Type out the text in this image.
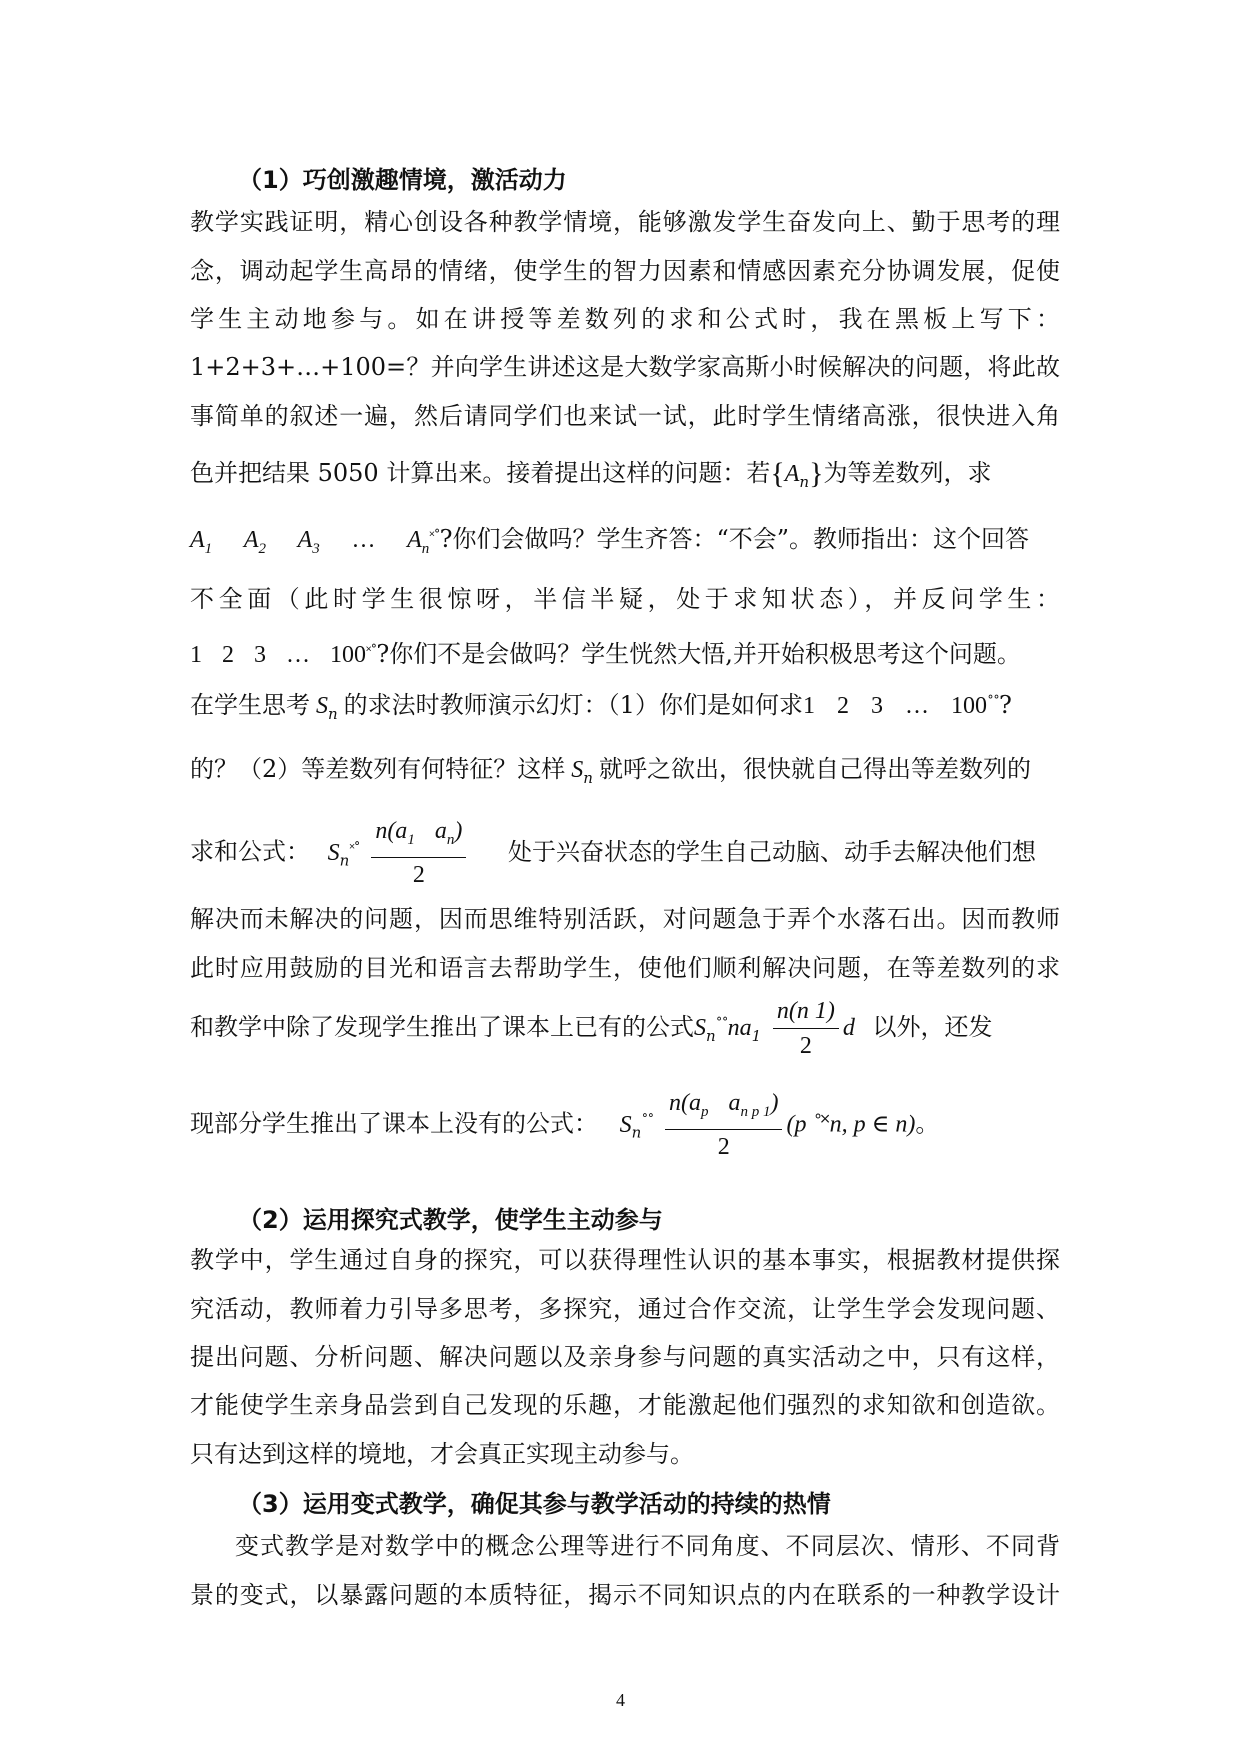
（1）巧创激趣情境，激活动力
教学实践证明，精心创设各种教学情境，能够激发学生奋发向上、勤于思考的理
念，调动起学生高昂的情绪，使学生的智力因素和情感因素充分协调发展，促使
学生主动地参与。如在讲授等差数列的求和公式时，我在黑板上写下：
1+2+3+…+100=？并向学生讲述这是大数学家高斯小时候解决的问题，将此故
事简单的叙述一遍，然后请同学们也来试一试，此时学生情绪高涨，很快进入角
色并把结果 5050 计算出来。接着提出这样的问题：若$\{A_n\}$为等差数列，求
$A_1$ $A_2$ $A_3$ … $A_n^{˟˚}$?你们会做吗？学生齐答：“不会”。教师指出：这个回答
不全面（此时学生很惊呀，半信半疑，处于求知状态），并反问学生：
1 2 3 … 100˟˚?你们不是会做吗？学生恍然大悟,并开始积极思考这个问题。
在学生思考 $S_n$ 的求法时教师演示幻灯：（1）你们是如何求1 2 3 … 100˚˚?
的？（2）等差数列有何特征？这样 $S_n$ 就呼之欲出，很快就自己得出等差数列的
求和公式： $S_n^{˟˚} \frac{n(a_1 a_n)}{2}$ 处于兴奋状态的学生自己动脑、动手去解决他们想
解决而未解决的问题，因而思维特别活跃，对问题急于弄个水落石出。因而教师
此时应用鼓励的目光和语言去帮助学生，使他们顺利解决问题，在等差数列的求
和教学中除了发现学生推出了课本上已有的公式$S_n^{˚˚}na_1 \frac{n(n 1)}{2}$ d 以外，还发
现部分学生推出了课本上没有的公式： $S_n^{˚˚} \frac{n(a_p a_{n p 1})}{2} (p$ ˚˟n, p ∈ n)。
（2）运用探究式教学，使学生主动参与
教学中，学生通过自身的探究，可以获得理性认识的基本事实，根据教材提供探
究活动，教师着力引导多思考，多探究，通过合作交流，让学生学会发现问题、
提出问题、分析问题、解决问题以及亲身参与问题的真实活动之中，只有这样，
才能使学生亲身品尝到自己发现的乐趣，才能激起他们强烈的求知欲和创造欲。
只有达到这样的境地，才会真正实现主动参与。
（3）运用变式教学，确促其参与教学活动的持续的热情
变式教学是对数学中的概念公理等进行不同角度、不同层次、情形、不同背
景的变式，以暴露问题的本质特征，揭示不同知识点的内在联系的一种教学设计
4
